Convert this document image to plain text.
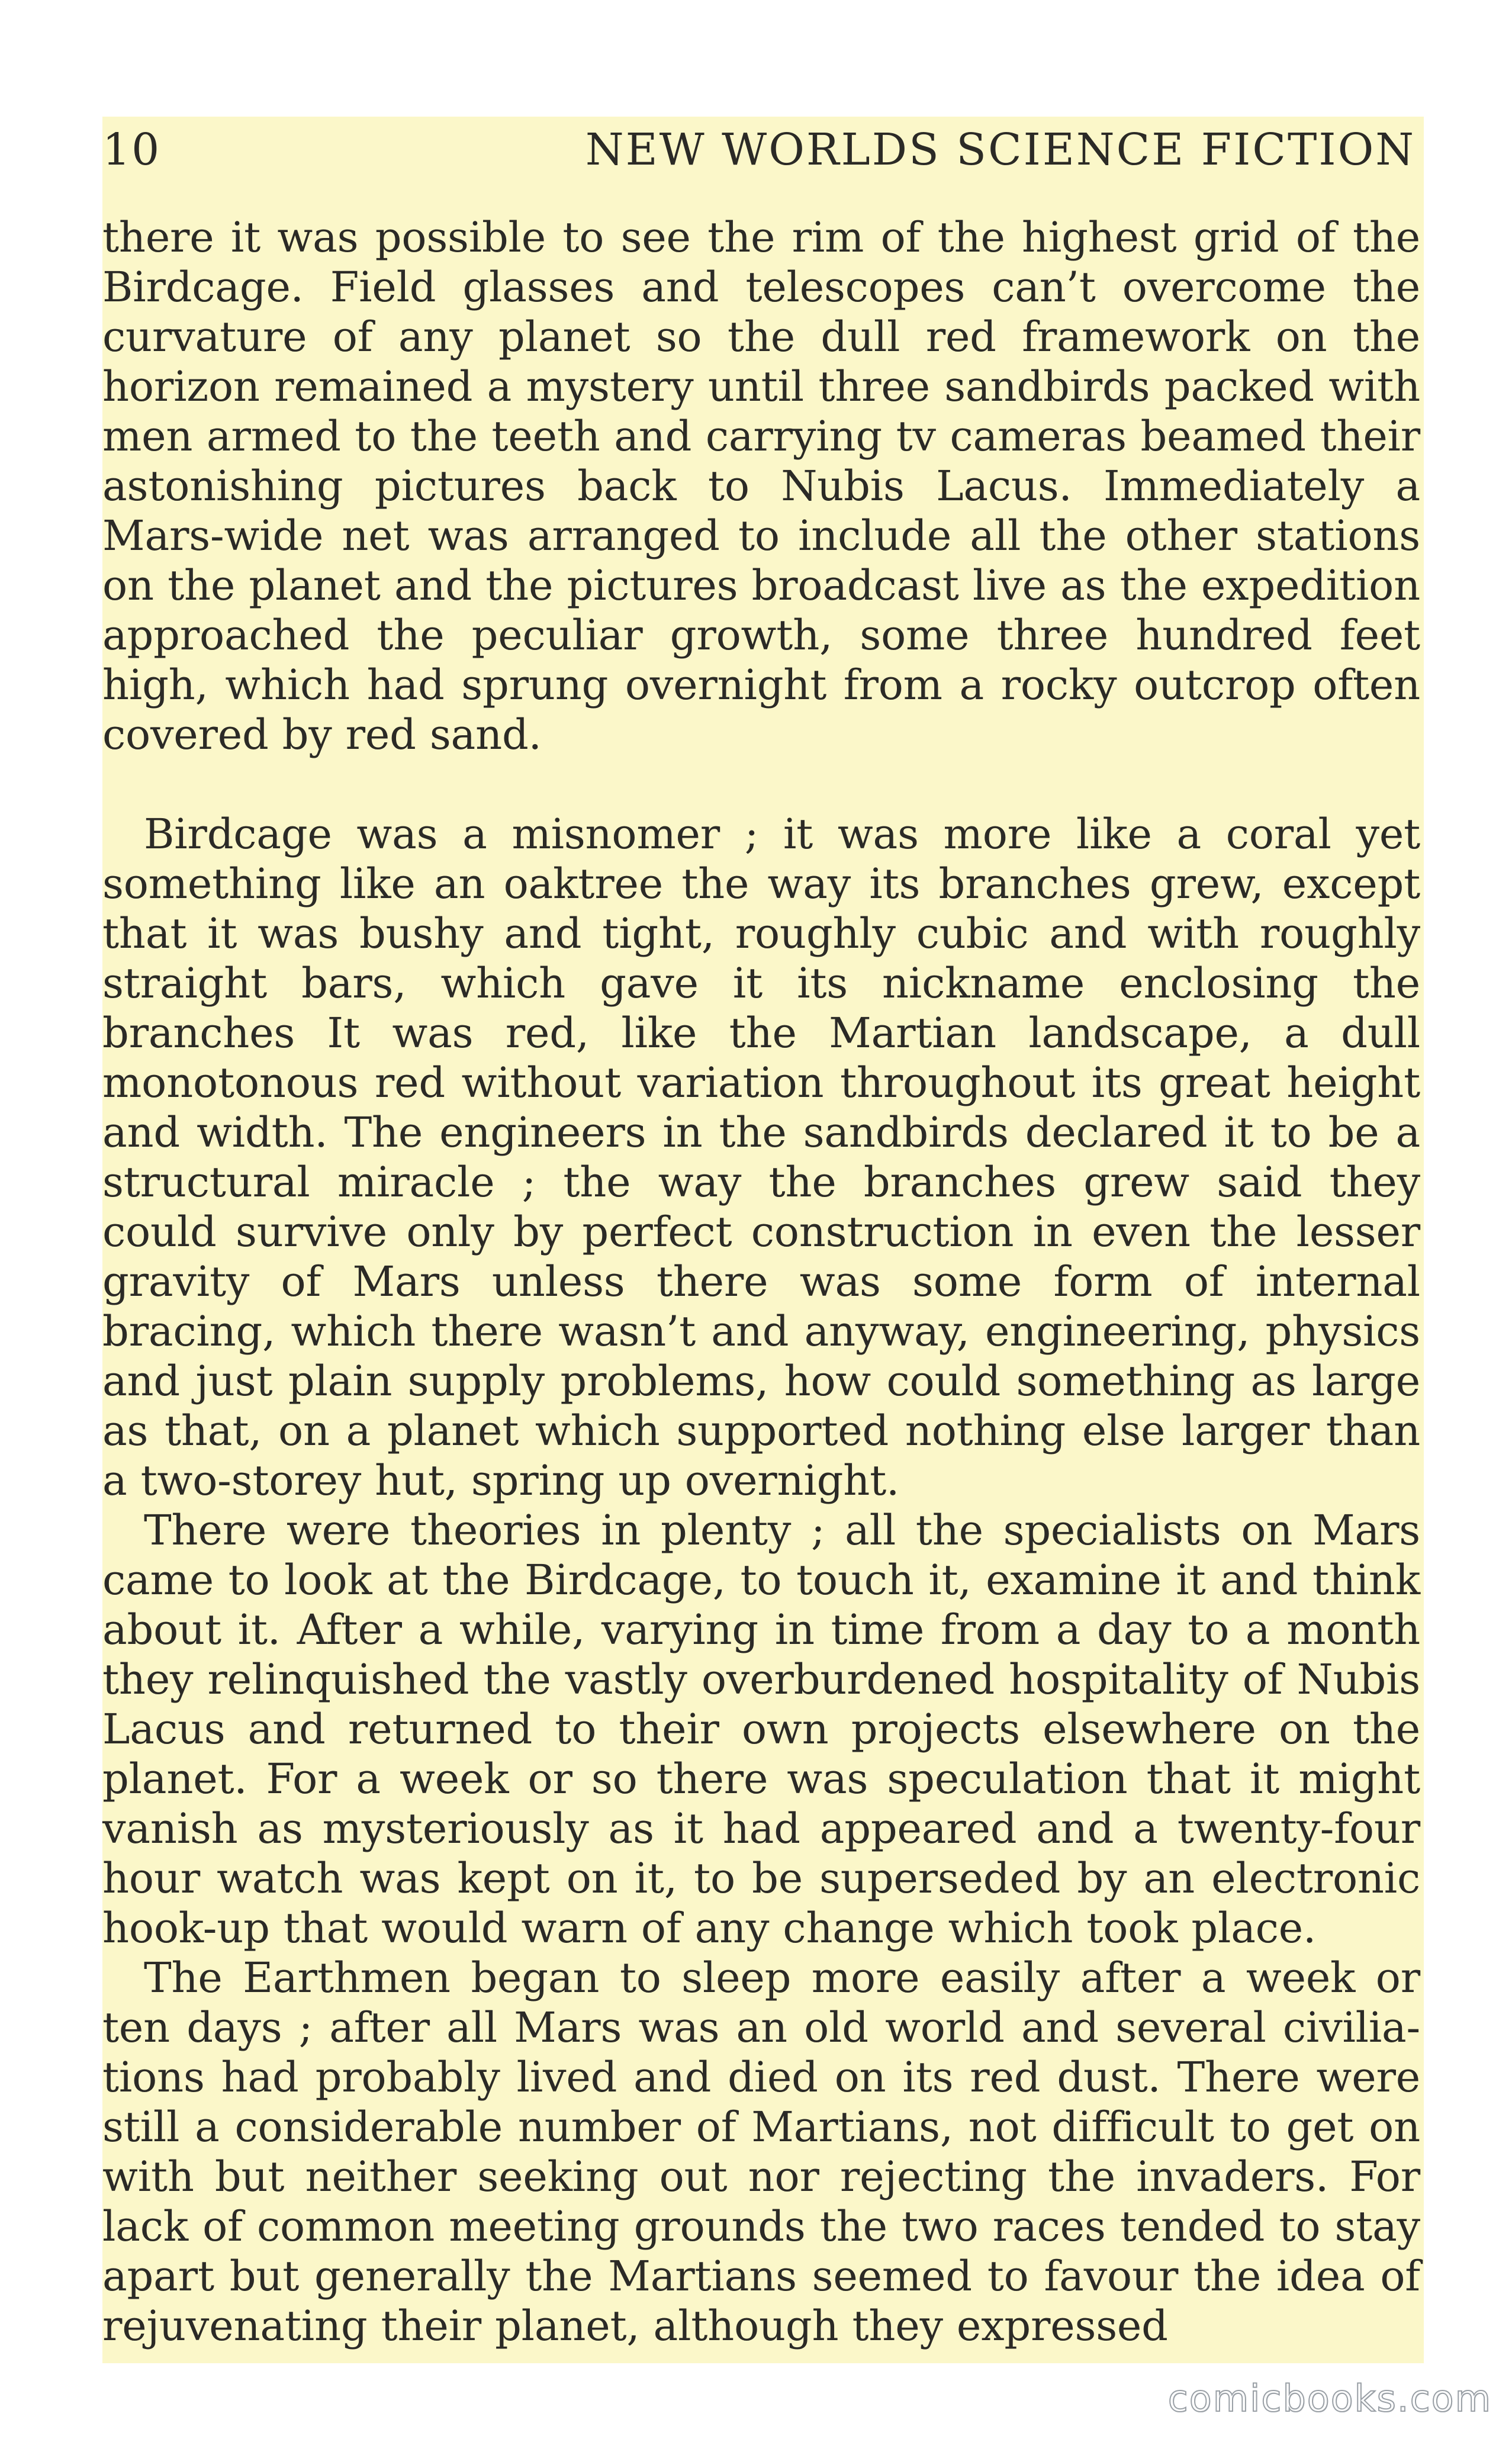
10	NEW WORLDS SCIENCE FICTION

there it was possible to see the rim of the highest grid of the Birdcage. Field glasses and telescopes can’t overcome the curvature of any planet so the dull red framework on the horizon remained a mystery until three sandbirds packed with men armed to the teeth and carrying tv cameras beamed their astonishing pictures back to Nubis Lacus. Immediately a Mars-wide net was arranged to include all the other stations on the planet and the pictures broadcast live as the expedition approached the peculiar growth, some three hundred feet high, which had sprung overnight from a rocky outcrop often covered by red sand.

Birdcage was a misnomer ; it was more like a coral yet something like an oaktree the way its branches grew, except that it was bushy and tight, roughly cubic and with roughly straight bars, which gave it its nickname enclosing the branches It was red, like the Martian landscape, a dull monotonous red without variation throughout its great height and width. The engineers in the sandbirds declared it to be a structural miracle ; the way the branches grew said they could survive only by perfect construction in even the lesser gravity of Mars unless there was some form of internal bracing, which there wasn’t and anyway, engineering, physics and just plain supply problems, how could something as large as that, on a planet which supported nothing else larger than a two-storey hut, spring up overnight.

There were theories in plenty ; all the specialists on Mars came to look at the Birdcage, to touch it, examine it and think about it. After a while, varying in time from a day to a month they relinquished the vastly overburdened hospitality of Nubis Lacus and returned to their own projects elsewhere on the planet. For a week or so there was speculation that it might vanish as mysteriously as it had appeared and a twenty-four hour watch was kept on it, to be superseded by an electronic hook-up that would warn of any change which took place.

The Earthmen began to sleep more easily after a week or ten days ; after all Mars was an old world and several civilia-tions had probably lived and died on its red dust. There were still a considerable number of Martians, not difficult to get on with but neither seeking out nor rejecting the invaders. For lack of common meeting grounds the two races tended to stay apart but generally the Martians seemed to favour the idea of rejuvenating their planet, although they expressed

comicbooks.com
